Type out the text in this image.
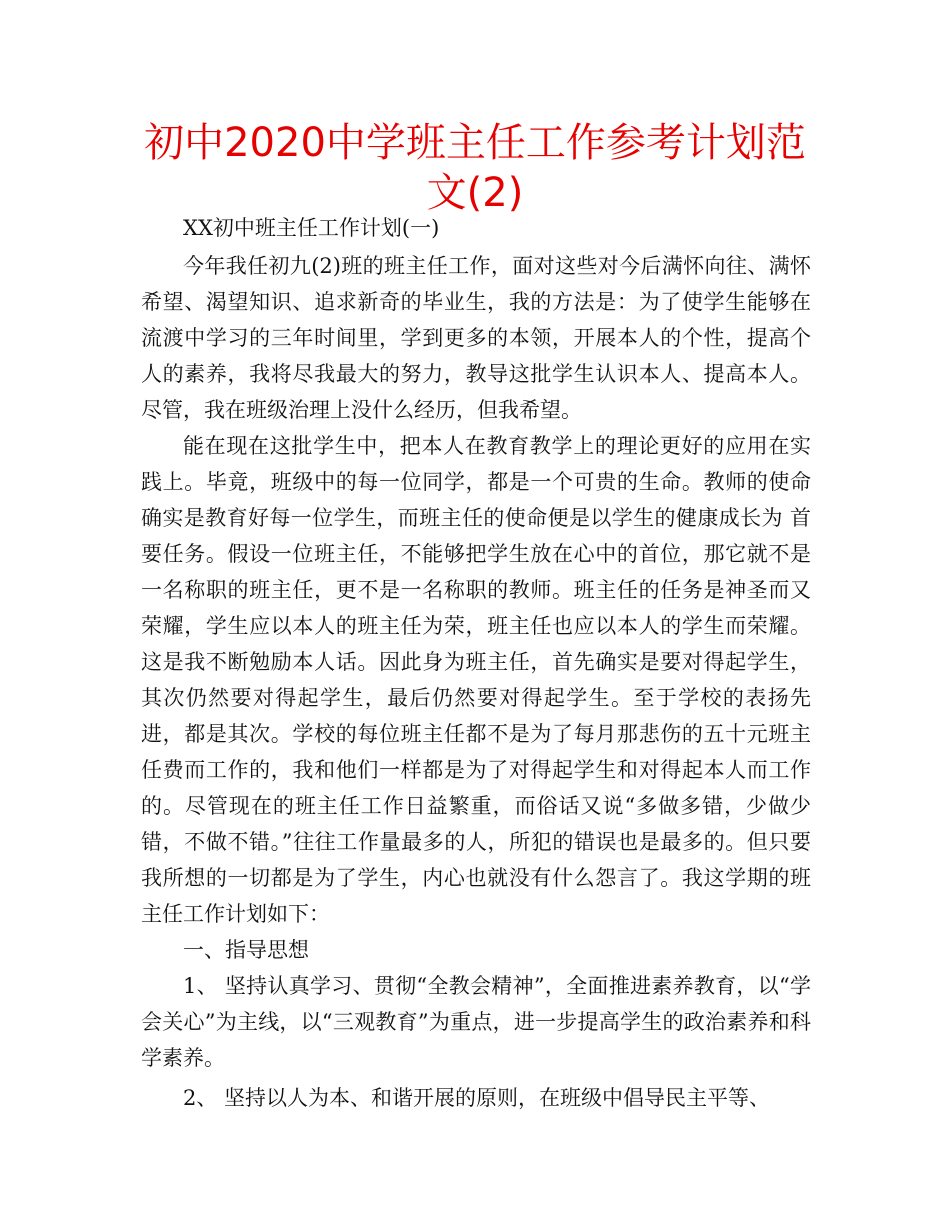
初中2020中学班主任工作参考计划范文(2)

XX初中班主任工作计划(一)

今年我任初九(2)班的班主任工作，面对这些对今后满怀向往、满怀希望、渴望知识、追求新奇的毕业生，我的方法是：为了使学生能够在流渡中学习的三年时间里，学到更多的本领，开展本人的个性，提高个人的素养，我将尽我最大的努力，教导这批学生认识本人、提高本人。尽管，我在班级治理上没什么经历，但我希望。

能在现在这批学生中，把本人在教育教学上的理论更好的应用在实践上。毕竟，班级中的每一位同学，都是一个可贵的生命。教师的使命确实是教育好每一位学生，而班主任的使命便是以学生的健康成长为 首要任务。假设一位班主任，不能够把学生放在心中的首位，那它就不是一名称职的班主任，更不是一名称职的教师。班主任的任务是神圣而又荣耀，学生应以本人的班主任为荣，班主任也应以本人的学生而荣耀。这是我不断勉励本人话。因此身为班主任，首先确实是要对得起学生，其次仍然要对得起学生，最后仍然要对得起学生。至于学校的表扬先进，都是其次。学校的每位班主任都不是为了每月那悲伤的五十元班主任费而工作的，我和他们一样都是为了对得起学生和对得起本人而工作的。尽管现在的班主任工作日益繁重，而俗话又说“多做多错，少做少错，不做不错。”往往工作量最多的人，所犯的错误也是最多的。但只要我所想的一切都是为了学生，内心也就没有什么怨言了。我这学期的班主任工作计划如下：

一、指导思想

1、 坚持认真学习、贯彻“全教会精神”，全面推进素养教育，以“学会关心”为主线，以“三观教育”为重点，进一步提高学生的政治素养和科学素养。

2、 坚持以人为本、和谐开展的原则，在班级中倡导民主平等、
